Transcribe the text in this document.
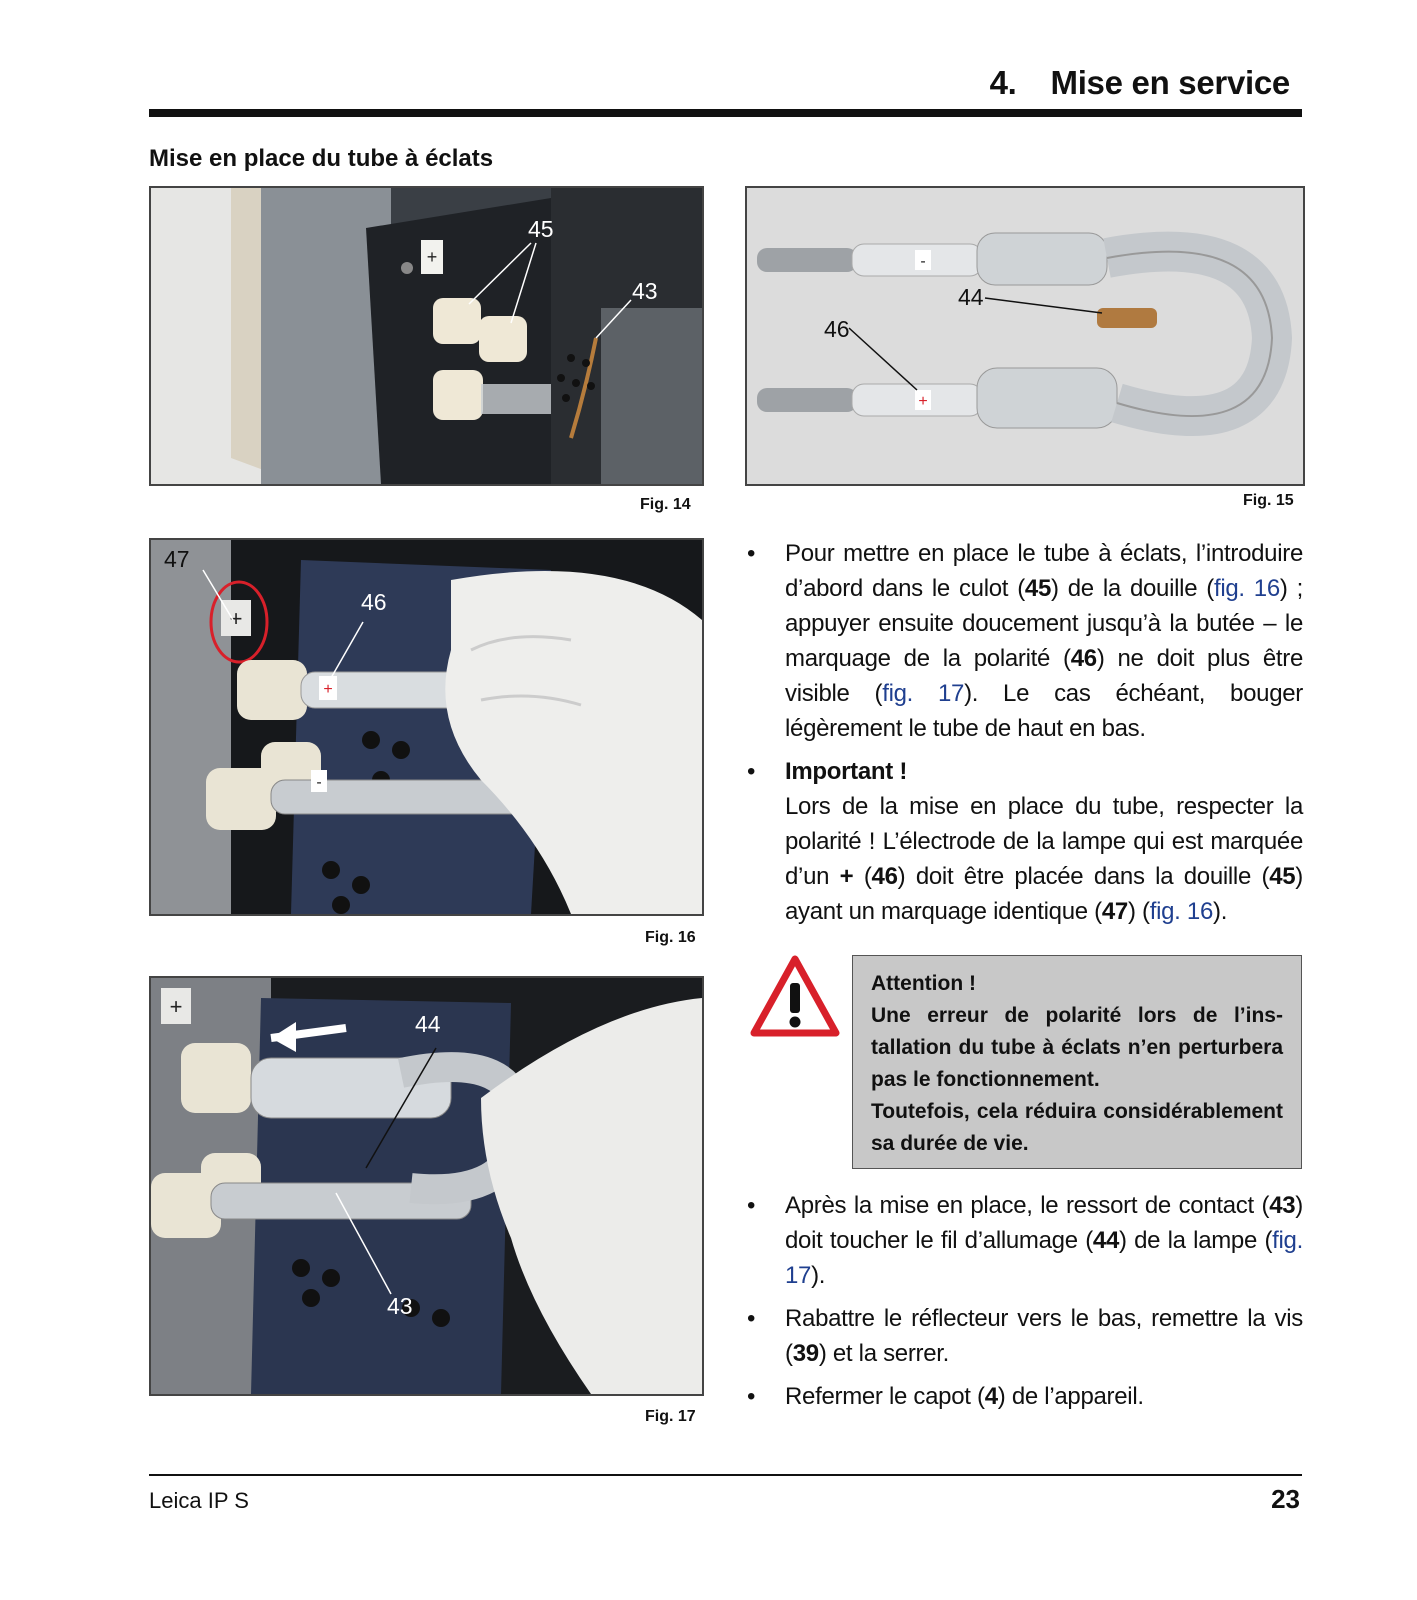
4. Mise en service
Mise en place du tube à éclats
+
45
43
Fig. 14
-
+
44
46
Fig. 15
+
+
-
47
46
Fig. 16
+
44
43
Fig. 17
• Pour mettre en place le tube à éclats, l’introduire d’abord dans le culot (45) de la douille (fig. 16) ; appuyer ensuite doucement jusqu’à la butée – le marquage de la polarité (46) ne doit plus être visible (fig. 17). Le cas échéant, bouger légèrement le tube de haut en bas.
• Important !
Lors de la mise en place du tube, respecter la polarité ! L’électrode de la lampe qui est marquée d’un + (46) doit être placée dans la douille (45) ayant un marquage identique (47) (fig. 16).

Attention !

Une erreur de polarité lors de l’installation du tube à éclats n’en perturbera pas le fonctionnement.

Toutefois, cela réduira considérablement sa durée de vie.

• Après la mise en place, le ressort de contact (43) doit toucher le fil d’allumage (44) de la lampe (fig. 17).
• Rabattre le réflecteur vers le bas, remettre la vis (39) et la serrer.
• Refermer le capot (4) de l’appareil.
Leica IP S	23
